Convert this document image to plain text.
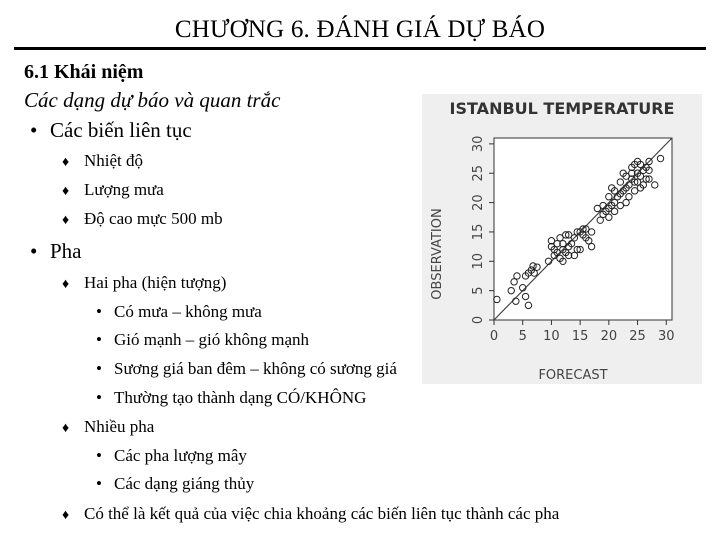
CHƯƠNG 6. ĐÁNH GIÁ DỰ BÁO
6.1 Khái niệm
Các dạng dự báo và quan trắc
• Các biến liên tục
♦ Nhiệt độ
♦ Lượng mưa
♦ Độ cao mực 500 mb
• Pha
♦ Hai pha (hiện tượng)
• Có mưa – không mưa
• Gió mạnh – gió không mạnh
• Sương giá ban đêm – không có sương giá
• Thường tạo thành dạng CÓ/KHÔNG
♦ Nhiều pha
• Các pha lượng mây
• Các dạng giáng thủy
♦ Có thể là kết quả của việc chia khoảng các biến liên tục thành các pha
ISTANBUL TEMPERATURE
FORECAST
OBSERVATION
0 5 10 15 20 25 30
0
5
10
15
20
25
30
